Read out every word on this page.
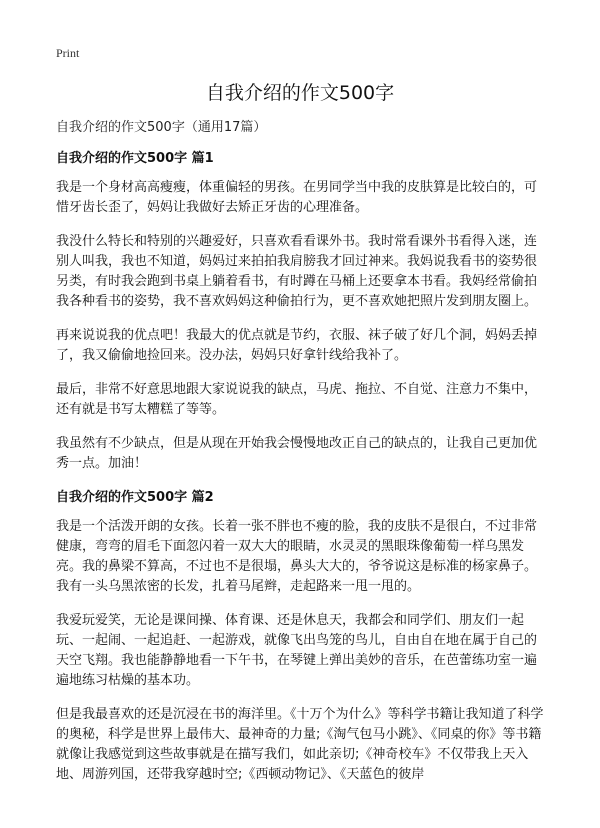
Print
自我介绍的作文500字

自我介绍的作文500字（通用17篇）

自我介绍的作文500字 篇1

我是一个身材高高瘦瘦，体重偏轻的男孩。在男同学当中我的皮肤算是比较白的，可惜牙齿长歪了，妈妈让我做好去矫正牙齿的心理准备。

我没什么特长和特别的兴趣爱好，只喜欢看看课外书。我时常看课外书看得入迷，连别人叫我，我也不知道，妈妈过来拍拍我肩膀我才回过神来。我妈说我看书的姿势很另类，有时我会跑到书桌上躺着看书，有时蹲在马桶上还要拿本书看。我妈经常偷拍我各种看书的姿势，我不喜欢妈妈这种偷拍行为，更不喜欢她把照片发到朋友圈上。

再来说说我的优点吧！我最大的优点就是节约，衣服、袜子破了好几个洞，妈妈丢掉了，我又偷偷地捡回来。没办法，妈妈只好拿针线给我补了。

最后，非常不好意思地跟大家说说我的缺点，马虎、拖拉、不自觉、注意力不集中，还有就是书写太糟糕了等等。

我虽然有不少缺点，但是从现在开始我会慢慢地改正自己的缺点的，让我自己更加优秀一点。加油！

自我介绍的作文500字 篇2

我是一个活泼开朗的女孩。长着一张不胖也不瘦的脸，我的皮肤不是很白，不过非常健康，弯弯的眉毛下面忽闪着一双大大的眼睛，水灵灵的黑眼珠像葡萄一样乌黑发亮。我的鼻梁不算高，不过也不是很塌，鼻头大大的，爷爷说这是标准的杨家鼻子。我有一头乌黑浓密的长发，扎着马尾辫，走起路来一甩一甩的。

我爱玩爱笑，无论是课间操、体育课、还是休息天，我都会和同学们、朋友们一起玩、一起闹、一起追赶、一起游戏，就像飞出鸟笼的鸟儿，自由自在地在属于自己的天空飞翔。我也能静静地看一下午书，在琴键上弹出美妙的音乐，在芭蕾练功室一遍遍地练习枯燥的基本功。

但是我最喜欢的还是沉浸在书的海洋里。《十万个为什么》等科学书籍让我知道了科学的奥秘，科学是世界上最伟大、最神奇的力量;《淘气包马小跳》、《同桌的你》等书籍就像让我感觉到这些故事就是在描写我们，如此亲切;《神奇校车》不仅带我上天入地、周游列国，还带我穿越时空;《西顿动物记》、《天蓝色的彼岸
